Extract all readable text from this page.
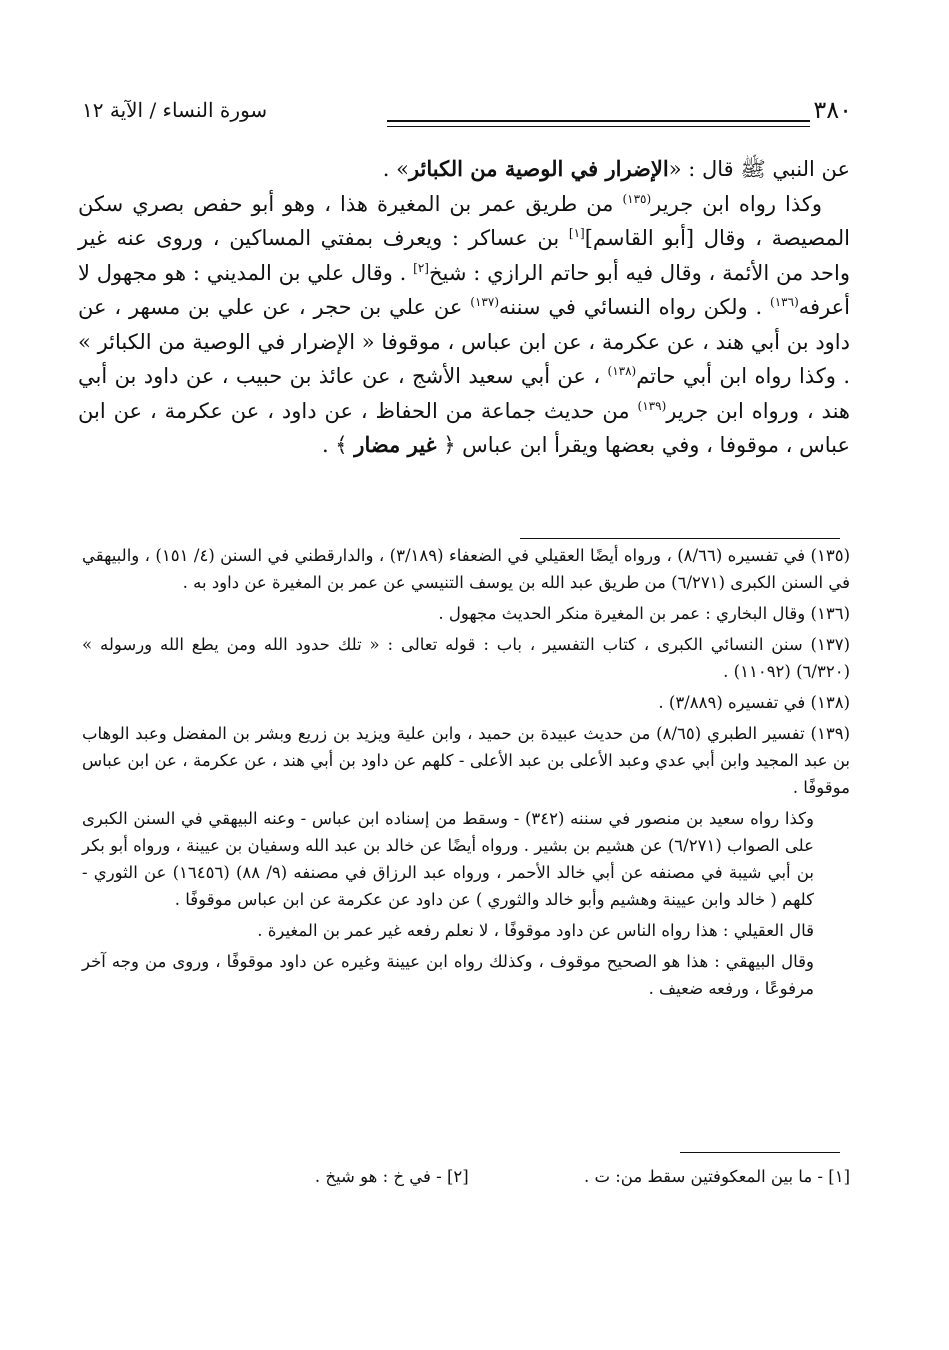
٣٨٠
سورة النساء / الآية ١٢

عن النبي ﷺ قال : «الإضرار في الوصية من الكبائر» .

وكذا رواه ابن جرير$^{(١٣٥)}$ من طريق عمر بن المغيرة هذا ، وهو أبو حفص بصري سكن المصيصة ، وقال [أبو القاسم][١] بن عساكر : ويعرف بمفتي المساكين ، وروى عنه غير واحد من الأئمة ، وقال فيه أبو حاتم الرازي : شيخ[٢] . وقال علي بن المديني : هو مجهول لا أعرفه$^{(١٣٦)}$ . ولكن رواه النسائي في سننه$^{(١٣٧)}$ عن علي بن حجر ، عن علي بن مسهر ، عن داود بن أبي هند ، عن عكرمة ، عن ابن عباس ، موقوفا « الإضرار في الوصية من الكبائر » . وكذا رواه ابن أبي حاتم$^{(١٣٨)}$ ، عن أبي سعيد الأشج ، عن عائذ بن حبيب ، عن داود بن أبي هند ، ورواه ابن جرير$^{(١٣٩)}$ من حديث جماعة من الحفاظ ، عن داود ، عن عكرمة ، عن ابن عباس ، موقوفا ، وفي بعضها ويقرأ ابن عباس ﴿ غير مضار ﴾ .

(١٣٥) في تفسيره (٨/٦٦) ، ورواه أيضًا العقيلي في الضعفاء (٣/١٨٩) ، والدارقطني في السنن (٤/ ١٥١) ، والبيهقي في السنن الكبرى (٦/٢٧١) من طريق عبد الله بن يوسف التنيسي عن عمر بن المغيرة عن داود به .

(١٣٦) وقال البخاري : عمر بن المغيرة منكر الحديث مجهول .

(١٣٧) سنن النسائي الكبرى ، كتاب التفسير ، باب : قوله تعالى : « تلك حدود الله ومن يطع الله ورسوله » (٦/٣٢٠) (١١٠٩٢) .

(١٣٨) في تفسيره (٣/٨٨٩) .

(١٣٩) تفسير الطبري (٨/٦٥) من حديث عبيدة بن حميد ، وابن علية ويزيد بن زريع وبشر بن المفضل وعبد الوهاب بن عبد المجيد وابن أبي عدي وعبد الأعلى بن عبد الأعلى - كلهم عن داود بن أبي هند ، عن عكرمة ، عن ابن عباس موقوفًا .

وكذا رواه سعيد بن منصور في سننه (٣٤٢) - وسقط من إسناده ابن عباس - وعنه البيهقي في السنن الكبرى على الصواب (٦/٢٧١) عن هشيم بن بشير . ورواه أيضًا عن خالد بن عبد الله وسفيان بن عيينة ، ورواه أبو بكر بن أبي شيبة في مصنفه عن أبي خالد الأحمر ، ورواه عبد الرزاق في مصنفه (٩/ ٨٨) (١٦٤٥٦) عن الثوري - كلهم ( خالد وابن عيينة وهشيم وأبو خالد والثوري ) عن داود عن عكرمة عن ابن عباس موقوفًا .

قال العقيلي : هذا رواه الناس عن داود موقوفًا ، لا نعلم رفعه غير عمر بن المغيرة .

وقال البيهقي : هذا هو الصحيح موقوف ، وكذلك رواه ابن عيينة وغيره عن داود موقوفًا ، وروى من وجه آخر مرفوعًا ، ورفعه ضعيف .

[١] - ما بين المعكوفتين سقط من: ت . [٢] - في خ : هو شيخ .
